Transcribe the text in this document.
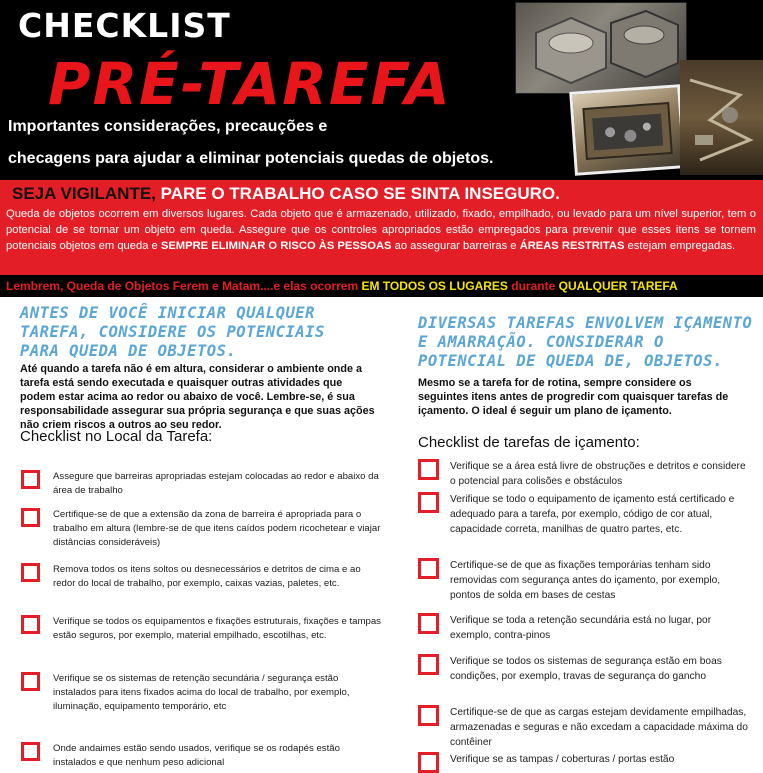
CHECKLIST
PRÉ-TAREFA
Importantes considerações, precauções e
checagens para ajudar a eliminar potenciais quedas de objetos.
SEJA VIGILANTE, PARE O TRABALHO CASO SE SINTA INSEGURO.
Queda de objetos ocorrem em diversos lugares. Cada objeto que é armazenado, utilizado, fixado, empilhado, ou levado para um nível superior, tem o potencial de se tornar um objeto em queda. Assegure que os controles apropriados estão empregados para prevenir que esses itens se tornem potenciais objetos em queda e SEMPRE ELIMINAR O RISCO ÀS PESSOAS ao assegurar barreiras e ÁREAS RESTRITAS estejam empregadas.
Lembrem, Queda de Objetos Ferem e Matam....e elas ocorrem EM TODOS OS LUGARES durante QUALQUER TAREFA
ANTES DE VOCÊ INICIAR QUALQUER TAREFA, CONSIDERE OS POTENCIAIS PARA QUEDA DE OBJETOS.
Até quando a tarefa não é em altura, considerar o ambiente onde a tarefa está sendo executada e quaisquer outras atividades que podem estar acima ao redor ou abaixo de você. Lembre-se, é sua responsabilidade assegurar sua própria segurança e que suas ações não criem riscos a outros ao seu redor.
Checklist no Local da Tarefa:
Assegure que barreiras apropriadas estejam colocadas ao redor e abaixo da área de trabalho
Certifique-se de que a extensão da zona de barreira é apropriada para o trabalho em altura (lembre-se de que itens caídos podem ricochetear e viajar distâncias consideráveis)
Remova todos os itens soltos ou desnecessários e detritos de cima e ao redor do local de trabalho, por exemplo, caixas vazias, paletes, etc.
Verifique se todos os equipamentos e fixações estruturais, fixações e tampas estão seguros, por exemplo, material empilhado, escotilhas, etc.
Verifique se os sistemas de retenção secundária / segurança estão instalados para itens fixados acima do local de trabalho, por exemplo, iluminação, equipamento temporário, etc
Onde andaimes estão sendo usados, verifique se os rodapés estão instalados e que nenhum peso adicional
DIVERSAS TAREFAS ENVOLVEM IÇAMENTO E AMARRAÇÃO. CONSIDERAR O POTENCIAL DE QUEDA DE, OBJETOS.
Mesmo se a tarefa for de rotina, sempre considere os seguintes itens antes de progredir com quaisquer tarefas de içamento. O ideal é seguir um plano de içamento.
Checklist de tarefas de içamento:
Verifique se a área está livre de obstruções e detritos e considere o potencial para colisões e obstáculos
Verifique se todo o equipamento de içamento está certificado e adequado para a tarefa, por exemplo, código de cor atual, capacidade correta, manilhas de quatro partes, etc.
Certifique-se de que as fixações temporárias tenham sido removidas com segurança antes do içamento, por exemplo, pontos de solda em bases de cestas
Verifique se toda a retenção secundária está no lugar, por exemplo, contra-pinos
Verifique se todos os sistemas de segurança estão em boas condições, por exemplo, travas de segurança do gancho
Certifique-se de que as cargas estejam devidamente empilhadas, armazenadas e seguras e não excedam a capacidade máxima do contêiner
Verifique se as tampas / coberturas / portas estão
